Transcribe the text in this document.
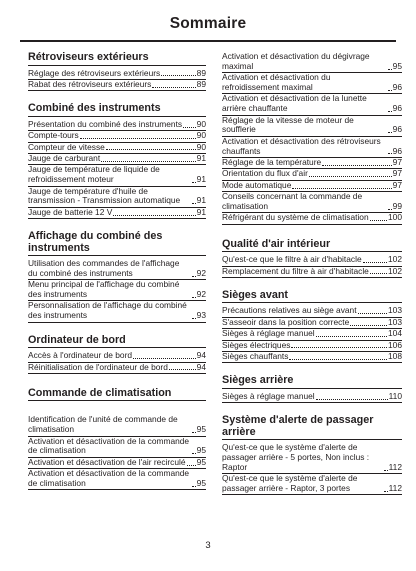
Sommaire
Rétroviseurs extérieurs
Réglage des rétroviseurs extérieurs	89
Rabat des rétroviseurs extérieurs	89
Combiné des instruments
Présentation du combiné des instruments 90
Compte-tours	90
Compteur de vitesse	90
Jauge de carburant	91
Jauge de température de liquide de refroidissement moteur	91
Jauge de température d'huile de transmission - Transmission automatique	91
Jauge de batterie 12 V	91
Affichage du combiné des instruments
Utilisation des commandes de l'affichage du combiné des instruments	92
Menu principal de l'affichage du combiné des instruments	92
Personnalisation de l'affichage du combiné des instruments	93
Ordinateur de bord
Accès à l'ordinateur de bord	94
Réinitialisation de l'ordinateur de bord	94
Commande de climatisation
Identification de l'unité de commande de climatisation	95
Activation et désactivation de la commande de climatisation	95
Activation et désactivation de l'air recirculé 95
Activation et désactivation de la commande de climatisation	95
Activation et désactivation du dégivrage maximal	95
Activation et désactivation du refroidissement maximal	96
Activation et désactivation de la lunette arrière chauffante	96
Réglage de la vitesse de moteur de soufflerie	96
Activation et désactivation des rétroviseurs chauffants	96
Réglage de la température	97
Orientation du flux d'air	97
Mode automatique	97
Conseils concernant la commande de climatisation	99
Réfrigérant du système de climatisation 100
Qualité d'air intérieur
Qu'est-ce que le filtre à air d'habitacle	102
Remplacement du filtre à air d'habitacle 102
Sièges avant
Précautions relatives au siège avant	103
S'asseoir dans la position correcte	103
Sièges à réglage manuel	104
Sièges électriques	106
Sièges chauffants	108
Sièges arrière
Sièges à réglage manuel	110
Système d'alerte de passager arrière
Qu'est-ce que le système d'alerte de passager arrière - 5 portes, Non inclus : Raptor	112
Qu'est-ce que le système d'alerte de passager arrière - Raptor, 3 portes	112
3
